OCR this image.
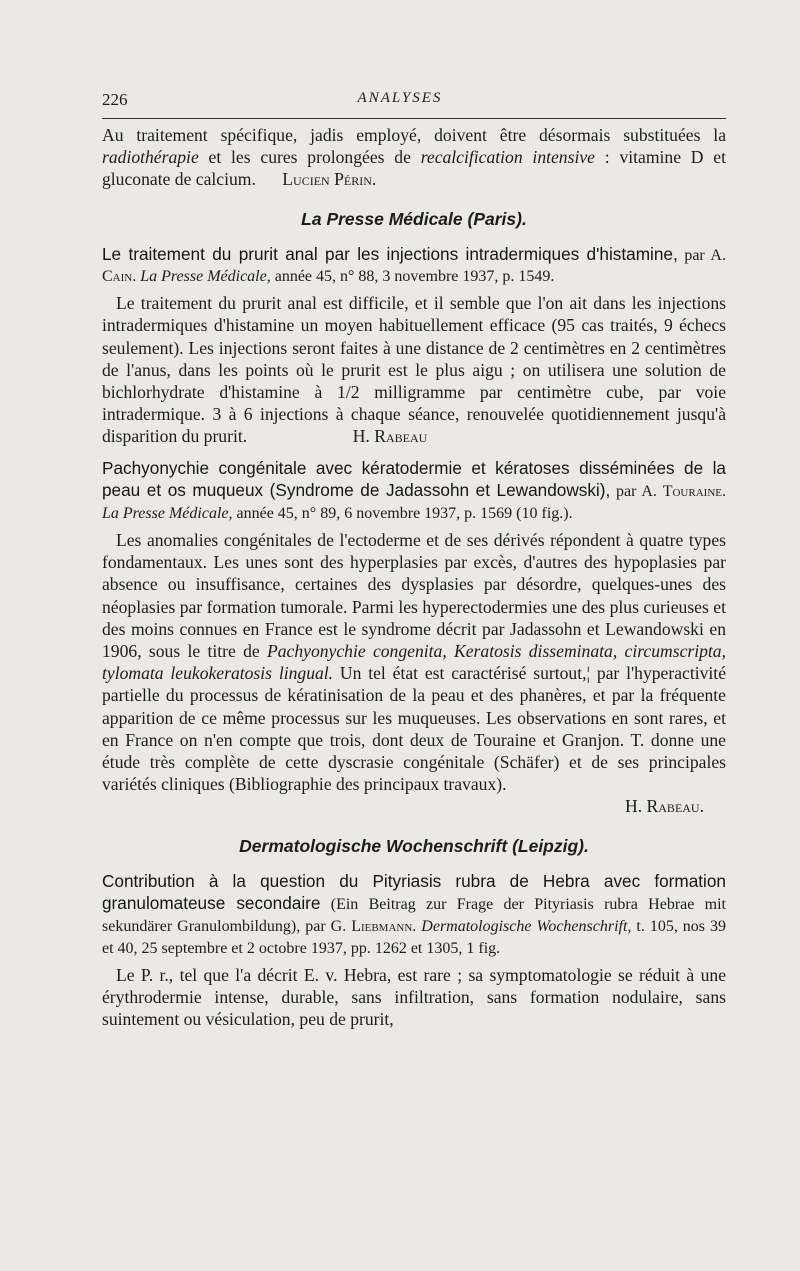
226	ANALYSES

Au traitement spécifique, jadis employé, doivent être désormais substituées la radiothérapie et les cures prolongées de recalcification intensive : vitamine D et gluconate de calcium. Lucien Périn.

La Presse Médicale (Paris).

Le traitement du prurit anal par les injections intradermiques d'histamine, par A. Cain. La Presse Médicale, année 45, n° 88, 3 novembre 1937, p. 1549.

Le traitement du prurit anal est difficile, et il semble que l'on ait dans les injections intradermiques d'histamine un moyen habituellement efficace (95 cas traités, 9 échecs seulement). Les injections seront faites à une distance de 2 centimètres en 2 centimètres de l'anus, dans les points où le prurit est le plus aigu ; on utilisera une solution de bichlorhydrate d'histamine à 1/2 milligramme par centimètre cube, par voie intradermique. 3 à 6 injections à chaque séance, renouvelée quotidiennement jusqu'à disparition du prurit.	H. Rabeau

Pachyonychie congénitale avec kératodermie et kératoses disséminées de la peau et os muqueux (Syndrome de Jadassohn et Lewandowski), par A. Touraine. La Presse Médicale, année 45, n° 89, 6 novembre 1937, p. 1569 (10 fig.).

Les anomalies congénitales de l'ectoderme et de ses dérivés répondent à quatre types fondamentaux. Les unes sont des hyperplasies par excès, d'autres des hypoplasies par absence ou insuffisance, certaines des dysplasies par désordre, quelques-unes des néoplasies par formation tumorale. Parmi les hyperectodermies une des plus curieuses et des moins connues en France est le syndrome décrit par Jadassohn et Lewandowski en 1906, sous le titre de Pachyonychie congenita, Keratosis disseminata, circumscripta, tylomata leukokeratosis lingual. Un tel état est caractérisé surtout,¦ par l'hyperactivité partielle du processus de kératinisation de la peau et des phanères, et par la fréquente apparition de ce même processus sur les muqueuses. Les observations en sont rares, et en France on n'en compte que trois, dont deux de Touraine et Granjon. T. donne une étude très complète de cette dyscrasie congénitale (Schäfer) et de ses principales variétés cliniques (Bibliographie des principaux travaux).

H. Rabeau.

Dermatologische Wochenschrift (Leipzig).

Contribution à la question du Pityriasis rubra de Hebra avec formation granulomateuse secondaire (Ein Beitrag zur Frage der Pityriasis rubra Hebrae mit sekundärer Granulombildung), par G. Liebmann. Dermatologische Wochenschrift, t. 105, nos 39 et 40, 25 septembre et 2 octobre 1937, pp. 1262 et 1305, 1 fig.

Le P. r., tel que l'a décrit E. v. Hebra, est rare ; sa symptomatologie se réduit à une érythrodermie intense, durable, sans infiltration, sans formation nodulaire, sans suintement ou vésiculation, peu de prurit,
